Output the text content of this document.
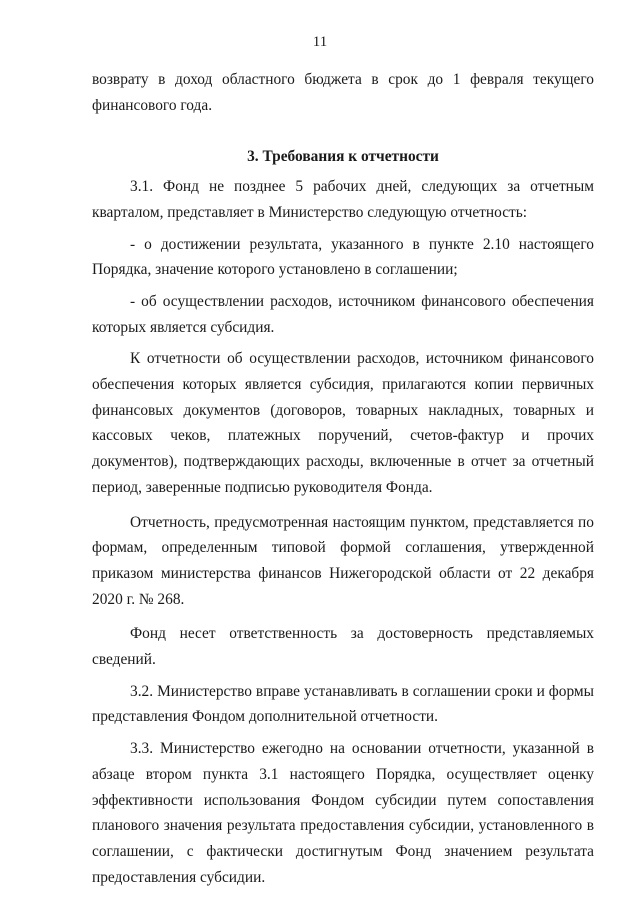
11

возврату в доход областного бюджета в срок до 1 февраля текущего финансового года.

3. Требования к отчетности

3.1. Фонд не позднее 5 рабочих дней, следующих за отчетным кварталом, представляет в Министерство следующую отчетность:

- о достижении результата, указанного в пункте 2.10 настоящего Порядка, значение которого установлено в соглашении;

- об осуществлении расходов, источником финансового обеспечения которых является субсидия.

К отчетности об осуществлении расходов, источником финансового обеспечения которых является субсидия, прилагаются копии первичных финансовых документов (договоров, товарных накладных, товарных и кассовых чеков, платежных поручений, счетов-фактур и прочих документов), подтверждающих расходы, включенные в отчет за отчетный период, заверенные подписью руководителя Фонда.

Отчетность, предусмотренная настоящим пунктом, представляется по формам, определенным типовой формой соглашения, утвержденной приказом министерства финансов Нижегородской области от 22 декабря 2020 г. № 268.

Фонд несет ответственность за достоверность представляемых сведений.

3.2. Министерство вправе устанавливать в соглашении сроки и формы представления Фондом дополнительной отчетности.

3.3. Министерство ежегодно на основании отчетности, указанной в абзаце втором пункта 3.1 настоящего Порядка, осуществляет оценку эффективности использования Фондом субсидии путем сопоставления планового значения результата предоставления субсидии, установленного в соглашении, с фактически достигнутым Фонд значением результата предоставления субсидии.
